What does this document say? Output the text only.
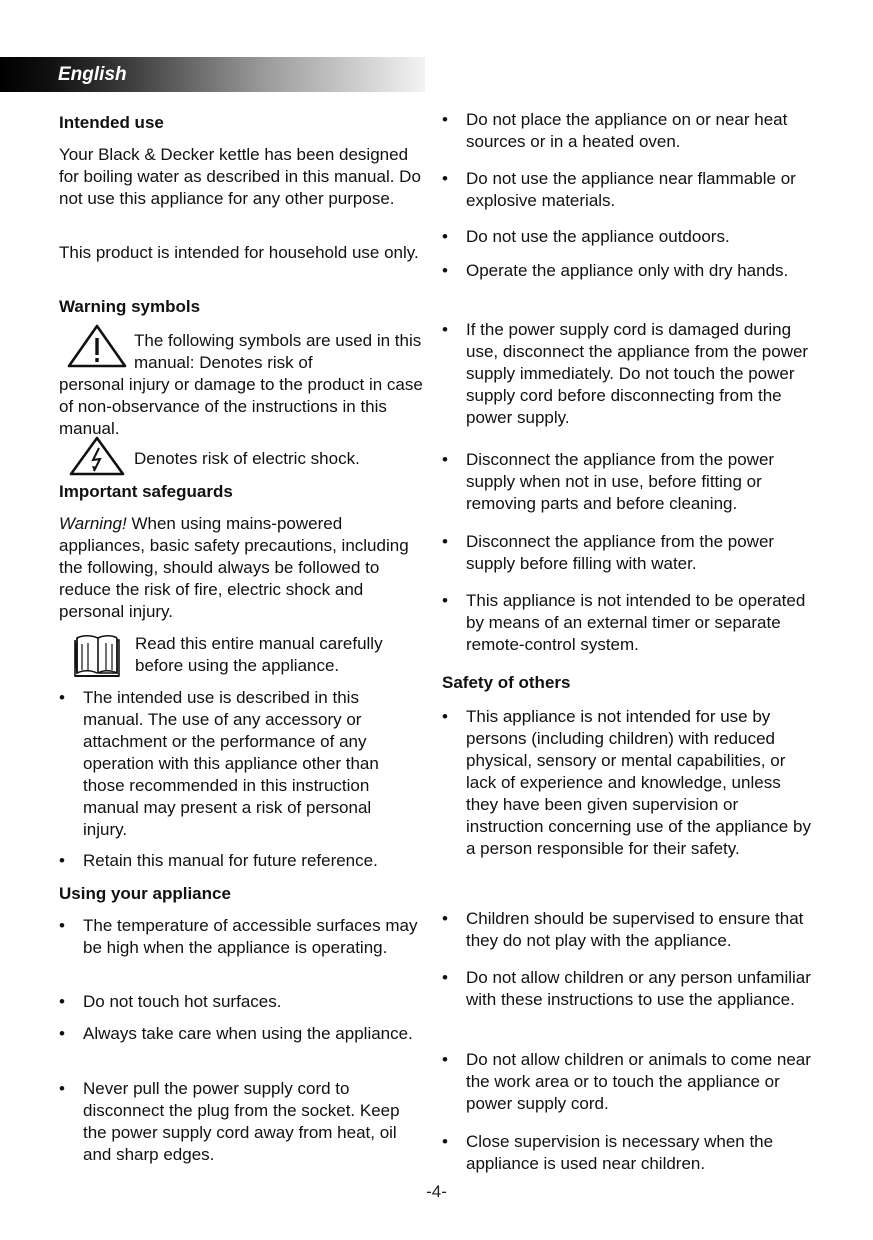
English
Intended use
Your Black & Decker kettle has been designed for boiling water as described in this manual. Do not use this appliance for any other purpose.
This product is intended for household use only.
Warning symbols
The following symbols are used in this manual: Denotes risk of
personal injury or damage to the product in case of non-observance of the instructions in this manual.
Denotes risk of electric shock.
Important safeguards
Warning! When using mains-powered appliances, basic safety precautions, including the following, should always be followed to reduce the risk of fire, electric shock and personal injury.
Read this entire manual carefully before using the appliance.
•	The intended use is described in this manual. The use of any accessory or attachment or the performance of any operation with this appliance other than those recommended in this instruction manual may present a risk of personal injury.
•	Retain this manual for future reference.
Using your appliance
•	The temperature of accessible surfaces may be high when the appliance is operating.
•	Do not touch hot surfaces.
•	Always take care when using the appliance.
•	Never pull the power supply cord to disconnect the plug from the socket. Keep the power supply cord away from heat, oil and sharp edges.
•	Do not place the appliance on or near heat sources or in a heated oven.
•	Do not use the appliance near flammable or explosive materials.
•	Do not use the appliance outdoors.
•	Operate the appliance only with dry hands.
•	If the power supply cord is damaged during use, disconnect the appliance from the power supply immediately. Do not touch the power supply cord before disconnecting from the power supply.
•	Disconnect the appliance from the power supply when not in use, before fitting or removing parts and before cleaning.
•	Disconnect the appliance from the power supply before filling with water.
•	This appliance is not intended to be operated by means of an external timer or separate remote-control system.
Safety of others
•	This appliance is not intended for use by persons (including children) with reduced physical, sensory or mental capabilities, or lack of experience and knowledge, unless they have been given supervision or instruction concerning use of the appliance by a person responsible for their safety.
•	Children should be supervised to ensure that they do not play with the appliance.
•	Do not allow children or any person unfamiliar with these instructions to use the appliance.
•	Do not allow children or animals to come near the work area or to touch the appliance or power supply cord.
•	Close supervision is necessary when the appliance is used near children.
-4-
